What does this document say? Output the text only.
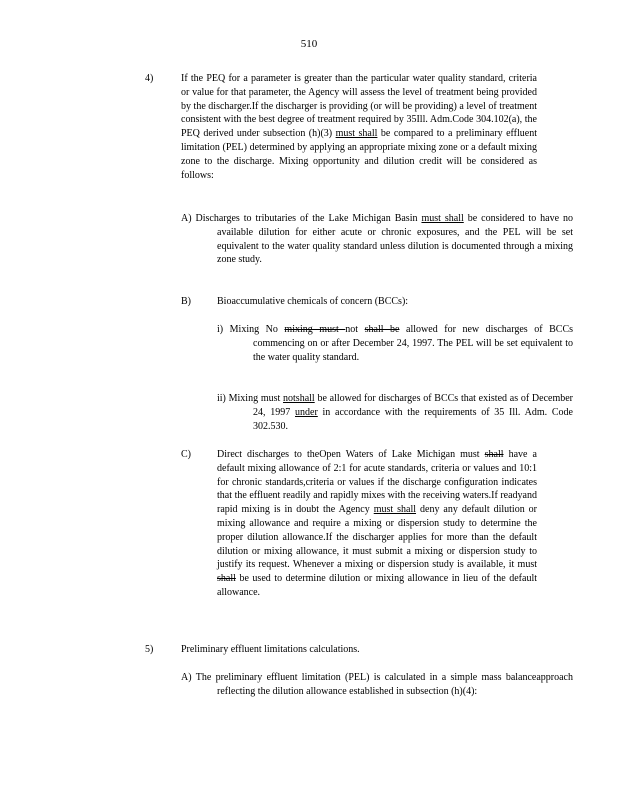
510
4)	If the PEQ for a parameter is greater than the particular water quality standard, criteria or value for that parameter, the Agency will assess the level of treatment being provided by the discharger.If the discharger is providing (or will be providing) a level of treatment consistent with the best degree of treatment required by 35Ill. Adm.Code 304.102(a), the PEQ derived under subsection (h)(3) must shall be compared to a preliminary effluent limitation (PEL) determined by applying an appropriate mixing zone or a default mixing zone to the discharge. Mixing opportunity and dilution credit will be considered as follows:
A) Discharges to tributaries of the Lake Michigan Basin must shall be considered to have no available dilution for either acute or chronic exposures, and the PEL will be set equivalent to the water quality standard unless dilution is documented through a mixing zone study.
B)	Bioaccumulative chemicals of concern (BCCs):
i) Mixing No mixing must not shall be allowed for new discharges of BCCs commencing on or after December 24, 1997. The PEL will be set equivalent to the water quality standard.
ii) Mixing must notshall be allowed for discharges of BCCs that existed as of December 24, 1997 under in accordance with the requirements of 35 Ill. Adm. Code 302.530.
C)	Direct discharges to theOpen Waters of Lake Michigan must shall have a default mixing allowance of 2:1 for acute standards, criteria or values and 10:1 for chronic standards,criteria or values if the discharge configuration indicates that the effluent readily and rapidly mixes with the receiving waters.If readyand rapid mixing is in doubt the Agency must shall deny any default dilution or mixing allowance and require a mixing or dispersion study to determine the proper dilution allowance.If the discharger applies for more than the default dilution or mixing allowance, it must submit a mixing or dispersion study to justify its request. Whenever a mixing or dispersion study is available, it must shall be used to determine dilution or mixing allowance in lieu of the default allowance.
5)	Preliminary effluent limitations calculations.
A) The preliminary effluent limitation (PEL) is calculated in a simple mass balanceapproach reflecting the dilution allowance established in subsection (h)(4):
